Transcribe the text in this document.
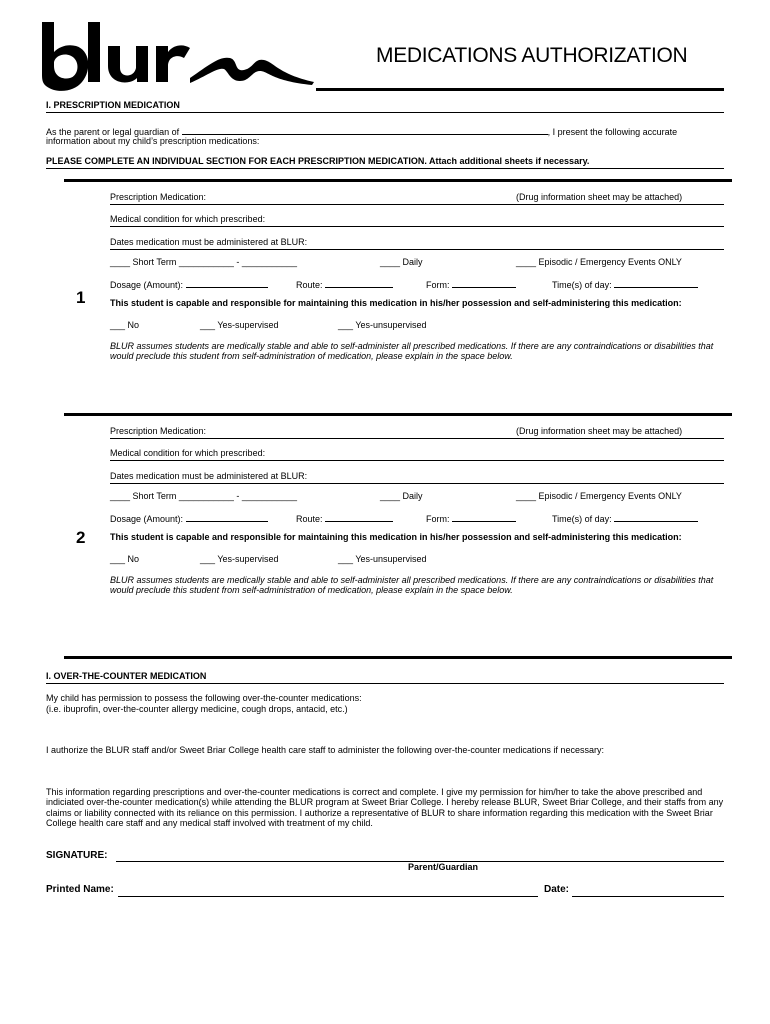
MEDICATIONS AUTHORIZATION
I. PRESCRIPTION MEDICATION
As the parent or legal guardian of	, I present the following accurate
information about my child’s prescription medications:
PLEASE COMPLETE AN INDIVIDUAL SECTION FOR EACH PRESCRIPTION MEDICATION. Attach additional sheets if necessary.
Prescription Medication:	(Drug information sheet may be attached)
Medical condition for which prescribed:
Dates medication must be administered at BLUR:
____ Short Term ___________ - ___________	____ Daily	____ Episodic / Emergency Events ONLY
Dosage (Amount):	Route:	Form:	Time(s) of day:
1	This student is capable and responsible for maintaining this medication in his/her possession and self-administering this medication:
___ No	___ Yes-supervised	___ Yes-unsupervised
BLUR assumes students are medically stable and able to self-administer all prescribed medications. If there are any contraindications or disabilities that would preclude this student from self-administration of medication, please explain in the space below.
Prescription Medication:	(Drug information sheet may be attached)
Medical condition for which prescribed:
Dates medication must be administered at BLUR:
____ Short Term ___________ - ___________	____ Daily	____ Episodic / Emergency Events ONLY
Dosage (Amount):	Route:	Form:	Time(s) of day:
2	This student is capable and responsible for maintaining this medication in his/her possession and self-administering this medication:
___ No	___ Yes-supervised	___ Yes-unsupervised
BLUR assumes students are medically stable and able to self-administer all prescribed medications. If there are any contraindications or disabilities that would preclude this student from self-administration of medication, please explain in the space below.
I. OVER-THE-COUNTER MEDICATION
My child has permission to possess the following over-the-counter medications:
(i.e. ibuprofin, over-the-counter allergy medicine, cough drops, antacid, etc.)
I authorize the BLUR staff and/or Sweet Briar College health care staff to administer the following over-the-counter medications if necessary:
This information regarding prescriptions and over-the-counter medications is correct and complete. I give my permission for him/her to take the above prescribed and indiciated over-the-counter medication(s) while attending the BLUR program at Sweet Briar College. I hereby release BLUR, Sweet Briar College, and their staffs from any claims or liability connected with its reliance on this permission. I authorize a representative of BLUR to share information regarding this medication with the Sweet Briar College health care staff and any medical staff involved with treatment of my child.
SIGNATURE:
Parent/Guardian
Printed Name:	Date:
